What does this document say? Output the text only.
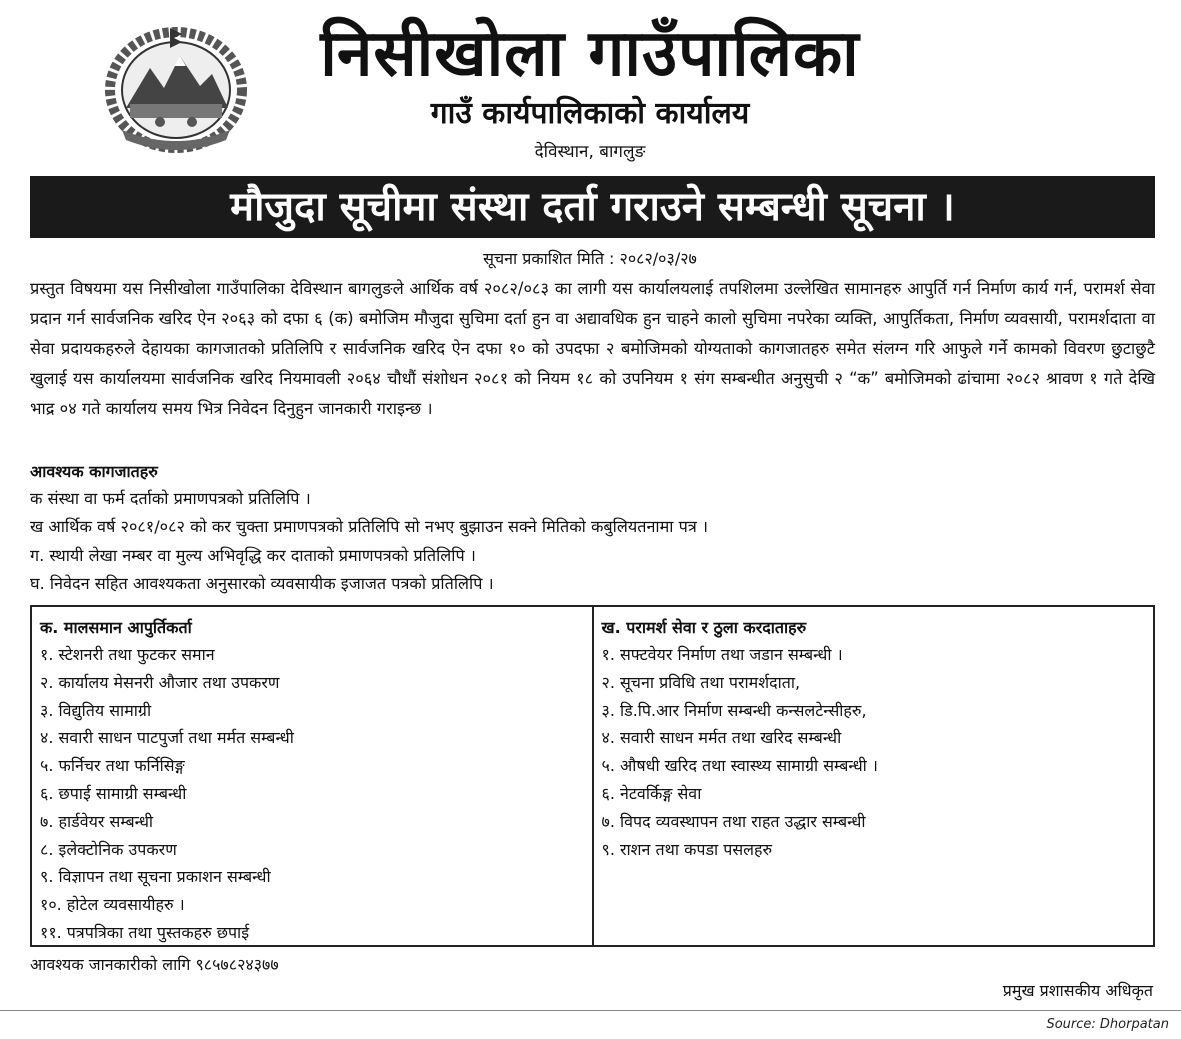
निसीखोला गाउँपालिका
गाउँ कार्यपालिकाको कार्यालय
देविस्थान, बागलुङ
मौजुदा सूचीमा संस्था दर्ता गराउने सम्बन्धी सूचना ।
सूचना प्रकाशित मिति : २०८२/०३/२७
प्रस्तुत विषयमा यस निसीखोला गाउँपालिका देविस्थान बागलुङले आर्थिक वर्ष २०८२/०८३ का लागी यस कार्यालयलाई तपशिलमा उल्लेखित सामानहरु आपुर्ति गर्न निर्माण कार्य गर्न, परामर्श सेवा प्रदान गर्न सार्वजनिक खरिद ऐन २०६३ को दफा ६ (क) बमोजिम मौजुदा सुचिमा दर्ता हुन वा अद्यावधिक हुन चाहने कालो सुचिमा नपरेका व्यक्ति, आपुर्तिकता, निर्माण व्यवसायी, परामर्शदाता वा सेवा प्रदायकहरुले देहायका कागजातको प्रतिलिपि र सार्वजनिक खरिद ऐन दफा १० को उपदफा २ बमोजिमको योग्यताको कागजातहरु समेत संलग्न गरि आफुले गर्ने कामको विवरण छुटाछुटै खुलाई यस कार्यालयमा सार्वजनिक खरिद नियमावली २०६४ चौधौं संशोधन २०८१ को नियम १८ को उपनियम १ संग सम्बन्धीत अनुसुची २ “क” बमोजिमको ढांचामा २०८२ श्रावण १ गते देखि भाद्र ०४ गते कार्यालय समय भित्र निवेदन दिनुहुन जानकारी गराइन्छ ।
आवश्यक कागजातहरु
क संस्था वा फर्म दर्ताको प्रमाणपत्रको प्रतिलिपि ।
ख आर्थिक वर्ष २०८१/०८२ को कर चुक्ता प्रमाणपत्रको प्रतिलिपि सो नभए बुझाउन सक्ने मितिको कबुलियतनामा पत्र ।
ग. स्थायी लेखा नम्बर वा मुल्य अभिवृद्धि कर दाताको प्रमाणपत्रको प्रतिलिपि ।
घ. निवेदन सहित आवश्यकता अनुसारको व्यवसायीक इजाजत पत्रको प्रतिलिपि ।
क. मालसमान आपुर्तिकर्ता
१. स्टेशनरी तथा फुटकर समान
२. कार्यालय मेसनरी औजार तथा उपकरण
३. विद्युतिय सामाग्री
४. सवारी साधन पाटपुर्जा तथा मर्मत सम्बन्धी
५. फर्निचर तथा फर्निसिङ्ग
६. छपाई सामाग्री सम्बन्धी
७. हार्डवेयर सम्बन्धी
८. इलेक्टोनिक उपकरण
९. विज्ञापन तथा सूचना प्रकाशन सम्बन्धी
१०. होटेल व्यवसायीहरु ।
११. पत्रपत्रिका तथा पुस्तकहरु छपाई
ख. परामर्श सेवा र ठुला करदाताहरु
१. सफ्टवेयर निर्माण तथा जडान सम्बन्धी ।
२. सूचना प्रविधि तथा परामर्शदाता,
३. डि.पि.आर निर्माण सम्बन्धी कन्सलटेन्सीहरु,
४. सवारी साधन मर्मत तथा खरिद सम्बन्धी
५. औषधी खरिद तथा स्वास्थ्य सामाग्री सम्बन्धी ।
६. नेटवर्किङ्ग सेवा
७. विपद व्यवस्थापन तथा राहत उद्धार सम्बन्धी
९. राशन तथा कपडा पसलहरु
आवश्यक जानकारीको लागि ९८५७८२४३७७
प्रमुख प्रशासकीय अधिकृत
Source: Dhorpatan
